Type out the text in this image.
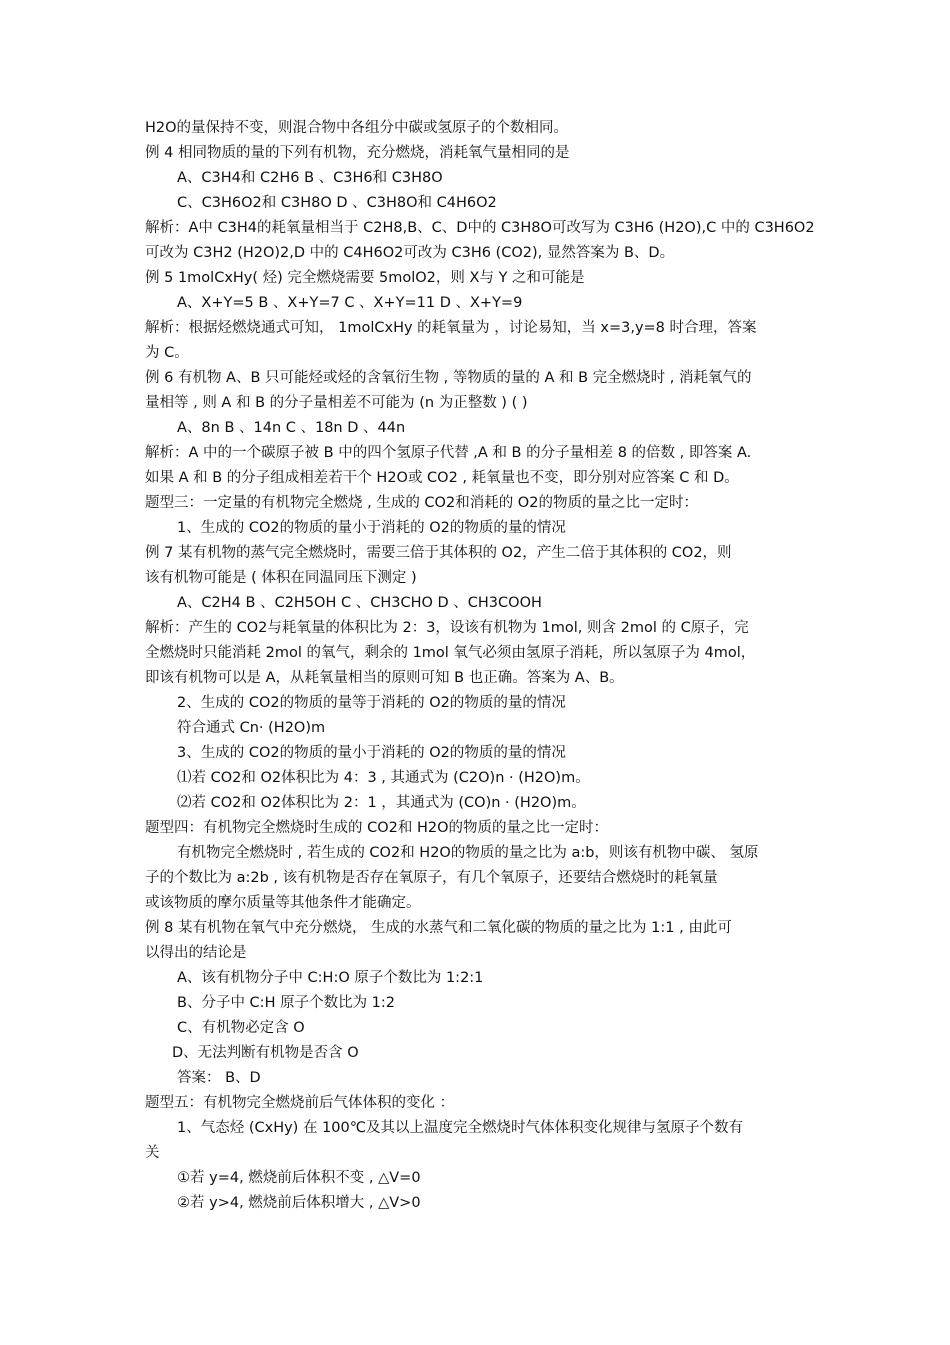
H2O的量保持不变，则混合物中各组分中碳或氢原子的个数相同。
例 4 相同物质的量的下列有机物，充分燃烧，消耗氧气量相同的是
A、C3H4和 C2H6 B 、C3H6和 C3H8O
C、C3H6O2和 C3H8O D 、C3H8O和 C4H6O2
解析：A中 C3H4的耗氧量相当于 C2H8,B、C、D中的 C3H8O可改写为 C3H6 (H2O),C 中的 C3H6O2
可改为 C3H2 (H2O)2,D 中的 C4H6O2可改为 C3H6 (CO2), 显然答案为 B、D。
例 5 1molCxHy( 烃) 完全燃烧需要 5molO2，则 X与 Y 之和可能是
A、X+Y=5 B 、X+Y=7 C 、X+Y=11 D 、X+Y=9
解析：根据烃燃烧通式可知， 1molCxHy 的耗氧量为 ，讨论易知，当 x=3,y=8 时合理，答案
为 C。
例 6 有机物 A、B 只可能烃或烃的含氧衍生物 , 等物质的量的 A 和 B 完全燃烧时 , 消耗氧气的
量相等 , 则 A 和 B 的分子量相差不可能为 (n 为正整数 ) ( )
A、8n B 、14n C 、18n D 、44n
解析：A 中的一个碳原子被 B 中的四个氢原子代替 ,A 和 B 的分子量相差 8 的倍数 , 即答案 A.
如果 A 和 B 的分子组成相差若干个 H2O或 CO2 , 耗氧量也不变，即分别对应答案 C 和 D。
题型三：一定量的有机物完全燃烧 , 生成的 CO2和消耗的 O2的物质的量之比一定时：
1、生成的 CO2的物质的量小于消耗的 O2的物质的量的情况
例 7 某有机物的蒸气完全燃烧时，需要三倍于其体积的 O2，产生二倍于其体积的 CO2，则
该有机物可能是 ( 体积在同温同压下测定 )
A、C2H4 B 、C2H5OH C 、CH3CHO D 、CH3COOH
解析：产生的 CO2与耗氧量的体积比为 2：3，设该有机物为 1mol, 则含 2mol 的 C原子，完
全燃烧时只能消耗 2mol 的氧气，剩余的 1mol 氧气必须由氢原子消耗，所以氢原子为 4mol，
即该有机物可以是 A，从耗氧量相当的原则可知 B 也正确。答案为 A、B。
2、生成的 CO2的物质的量等于消耗的 O2的物质的量的情况
符合通式 Cn· (H2O)m
3、生成的 CO2的物质的量小于消耗的 O2的物质的量的情况
⑴若 CO2和 O2体积比为 4：3 , 其通式为 (C2O)n · (H2O)m。
⑵若 CO2和 O2体积比为 2：1 ，其通式为 (CO)n · (H2O)m。
题型四：有机物完全燃烧时生成的 CO2和 H2O的物质的量之比一定时：
有机物完全燃烧时 , 若生成的 CO2和 H2O的物质的量之比为 a:b，则该有机物中碳、 氢原
子的个数比为 a:2b , 该有机物是否存在氧原子，有几个氧原子，还要结合燃烧时的耗氧量
或该物质的摩尔质量等其他条件才能确定。
例 8 某有机物在氧气中充分燃烧， 生成的水蒸气和二氧化碳的物质的量之比为 1:1 , 由此可
以得出的结论是
A、该有机物分子中 C:H:O 原子个数比为 1:2:1
B、分子中 C:H 原子个数比为 1:2
C、有机物必定含 O
D、无法判断有机物是否含 O
答案： B、D
题型五：有机物完全燃烧前后气体体积的变化 ：
1、气态烃 (CxHy) 在 100℃及其以上温度完全燃烧时气体体积变化规律与氢原子个数有
关
①若 y=4, 燃烧前后体积不变 , △V=0
②若 y>4, 燃烧前后体积增大 , △V>0
